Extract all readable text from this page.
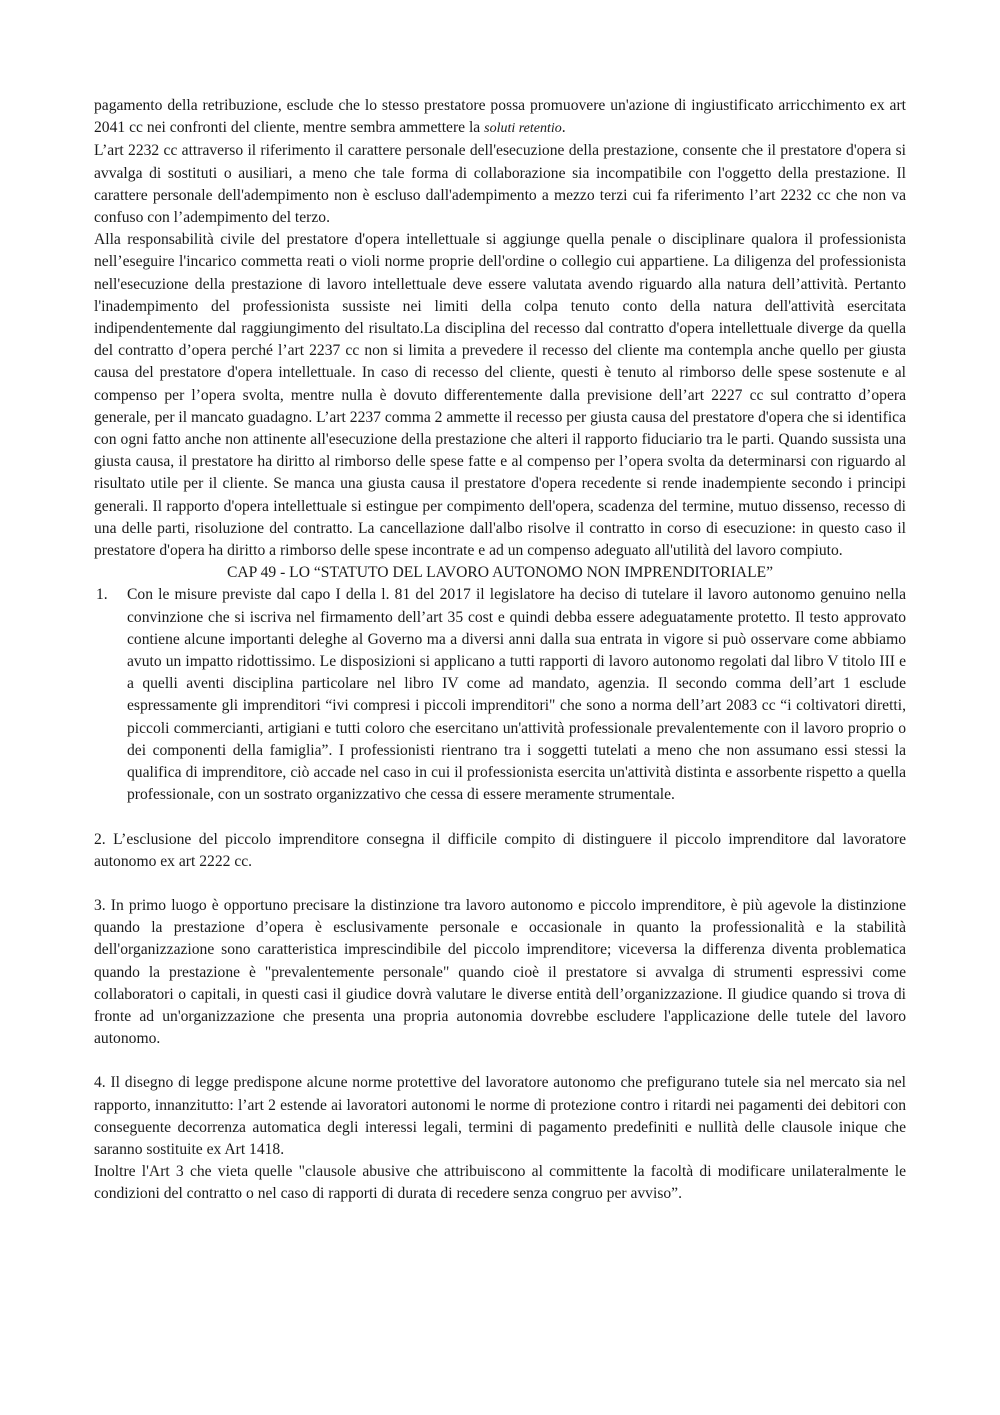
pagamento della retribuzione, esclude che lo stesso prestatore possa promuovere un'azione di ingiustificato arricchimento ex art 2041 cc nei confronti del cliente, mentre sembra ammettere la soluti retentio.

L’art 2232 cc attraverso il riferimento il carattere personale dell'esecuzione della prestazione, consente che il prestatore d'opera si avvalga di sostituti o ausiliari, a meno che tale forma di collaborazione sia incompatibile con l'oggetto della prestazione. Il carattere personale dell'adempimento non è escluso dall'adempimento a mezzo terzi cui fa riferimento l’art 2232 cc che non va confuso con l’adempimento del terzo.

Alla responsabilità civile del prestatore d'opera intellettuale si aggiunge quella penale o disciplinare qualora il professionista nell’eseguire l'incarico commetta reati o violi norme proprie dell'ordine o collegio cui appartiene. La diligenza del professionista nell'esecuzione della prestazione di lavoro intellettuale deve essere valutata avendo riguardo alla natura dell’attività. Pertanto l'inadempimento del professionista sussiste nei limiti della colpa tenuto conto della natura dell'attività esercitata indipendentemente dal raggiungimento del risultato.La disciplina del recesso dal contratto d'opera intellettuale diverge da quella del contratto d’opera perché l’art 2237 cc non si limita a prevedere il recesso del cliente ma contempla anche quello per giusta causa del prestatore d'opera intellettuale. In caso di recesso del cliente, questi è tenuto al rimborso delle spese sostenute e al compenso per l’opera svolta, mentre nulla è dovuto differentemente dalla previsione dell’art 2227 cc sul contratto d’opera generale, per il mancato guadagno. L’art 2237 comma 2 ammette il recesso per giusta causa del prestatore d'opera che si identifica con ogni fatto anche non attinente all'esecuzione della prestazione che alteri il rapporto fiduciario tra le parti. Quando sussista una giusta causa, il prestatore ha diritto al rimborso delle spese fatte e al compenso per l’opera svolta da determinarsi con riguardo al risultato utile per il cliente. Se manca una giusta causa il prestatore d'opera recedente si rende inadempiente secondo i principi generali. Il rapporto d'opera intellettuale si estingue per compimento dell'opera, scadenza del termine, mutuo dissenso, recesso di una delle parti, risoluzione del contratto. La cancellazione dall'albo risolve il contratto in corso di esecuzione: in questo caso il prestatore d'opera ha diritto a rimborso delle spese incontrate e ad un compenso adeguato all'utilità del lavoro compiuto.

CAP 49 - LO “STATUTO DEL LAVORO AUTONOMO NON IMPRENDITORIALE”

1. Con le misure previste dal capo I della l. 81 del 2017 il legislatore ha deciso di tutelare il lavoro autonomo genuino nella convinzione che si iscriva nel firmamento dell’art 35 cost e quindi debba essere adeguatamente protetto. Il testo approvato contiene alcune importanti deleghe al Governo ma a diversi anni dalla sua entrata in vigore si può osservare come abbiamo avuto un impatto ridottissimo. Le disposizioni si applicano a tutti rapporti di lavoro autonomo regolati dal libro V titolo III e a quelli aventi disciplina particolare nel libro IV come ad mandato, agenzia. Il secondo comma dell’art 1 esclude espressamente gli imprenditori “ivi compresi i piccoli imprenditori" che sono a norma dell’art 2083 cc “i coltivatori diretti, piccoli commercianti, artigiani e tutti coloro che esercitano un'attività professionale prevalentemente con il lavoro proprio o dei componenti della famiglia”. I professionisti rientrano tra i soggetti tutelati a meno che non assumano essi stessi la qualifica di imprenditore, ciò accade nel caso in cui il professionista esercita un'attività distinta e assorbente rispetto a quella professionale, con un sostrato organizzativo che cessa di essere meramente strumentale.

2. L’esclusione del piccolo imprenditore consegna il difficile compito di distinguere il piccolo imprenditore dal lavoratore autonomo ex art 2222 cc.

3. In primo luogo è opportuno precisare la distinzione tra lavoro autonomo e piccolo imprenditore, è più agevole la distinzione quando la prestazione d’opera è esclusivamente personale e occasionale in quanto la professionalità e la stabilità dell'organizzazione sono caratteristica imprescindibile del piccolo imprenditore; viceversa la differenza diventa problematica quando la prestazione è "prevalentemente personale" quando cioè il prestatore si avvalga di strumenti espressivi come collaboratori o capitali, in questi casi il giudice dovrà valutare le diverse entità dell’organizzazione. Il giudice quando si trova di fronte ad un'organizzazione che presenta una propria autonomia dovrebbe escludere l'applicazione delle tutele del lavoro autonomo.

4. Il disegno di legge predispone alcune norme protettive del lavoratore autonomo che prefigurano tutele sia nel mercato sia nel rapporto, innanzitutto: l’art 2 estende ai lavoratori autonomi le norme di protezione contro i ritardi nei pagamenti dei debitori con conseguente decorrenza automatica degli interessi legali, termini di pagamento predefiniti e nullità delle clausole inique che saranno sostituite ex Art 1418.

Inoltre l'Art 3 che vieta quelle "clausole abusive che attribuiscono al committente la facoltà di modificare unilateralmente le condizioni del contratto o nel caso di rapporti di durata di recedere senza congruo per avviso”.
